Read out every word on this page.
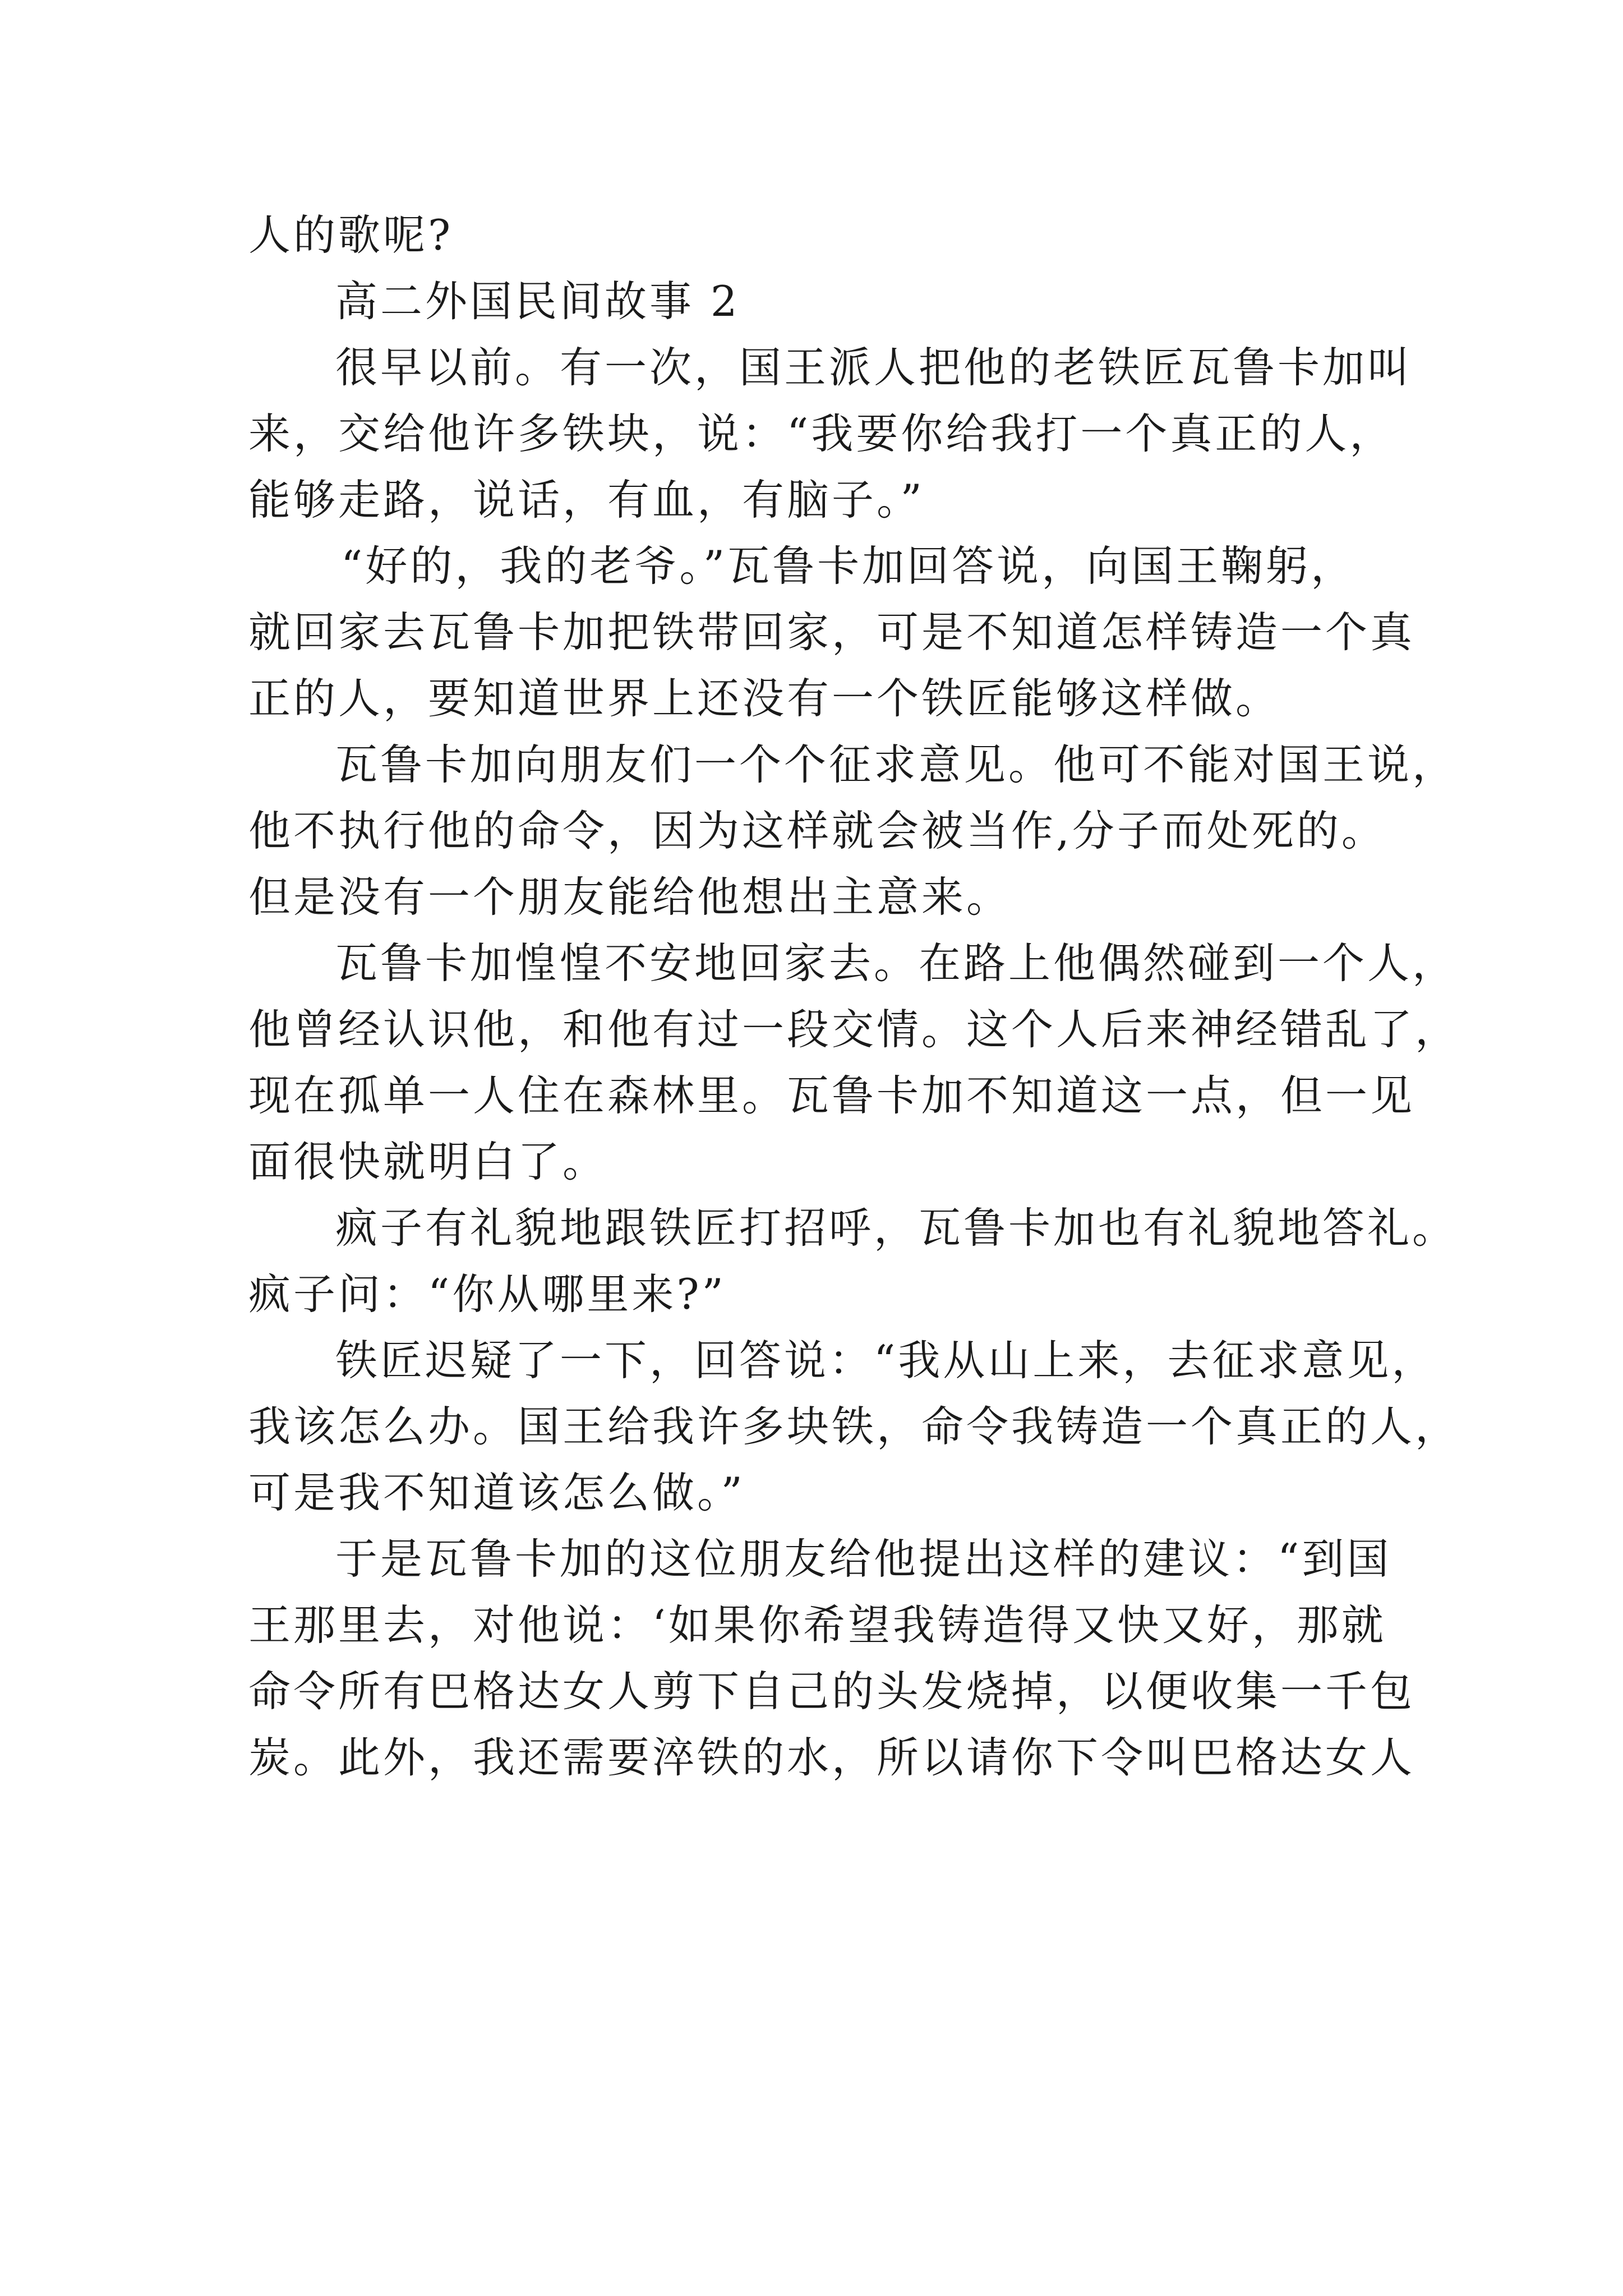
人的歌呢?
高二外国民间故事 2
很早以前。有一次，国王派人把他的老铁匠瓦鲁卡加叫
来，交给他许多铁块，说：“我要你给我打一个真正的人，
能够走路，说话，有血，有脑子。”
“好的，我的老爷。”瓦鲁卡加回答说，向国王鞠躬，
就回家去瓦鲁卡加把铁带回家，可是不知道怎样铸造一个真
正的人，要知道世界上还没有一个铁匠能够这样做。
瓦鲁卡加向朋友们一个个征求意见。他可不能对国王说，
他不执行他的命令，因为这样就会被当作,分子而处死的。
但是没有一个朋友能给他想出主意来。
瓦鲁卡加惶惶不安地回家去。在路上他偶然碰到一个人，
他曾经认识他，和他有过一段交情。这个人后来神经错乱了，
现在孤单一人住在森林里。瓦鲁卡加不知道这一点，但一见
面很快就明白了。
疯子有礼貌地跟铁匠打招呼，瓦鲁卡加也有礼貌地答礼。
疯子问：“你从哪里来?”
铁匠迟疑了一下，回答说：“我从山上来，去征求意见，
我该怎么办。国王给我许多块铁，命令我铸造一个真正的人，
可是我不知道该怎么做。”
于是瓦鲁卡加的这位朋友给他提出这样的建议：“到国
王那里去，对他说：‘如果你希望我铸造得又快又好，那就
命令所有巴格达女人剪下自己的头发烧掉，以便收集一千包
炭。此外，我还需要淬铁的水，所以请你下令叫巴格达女人
